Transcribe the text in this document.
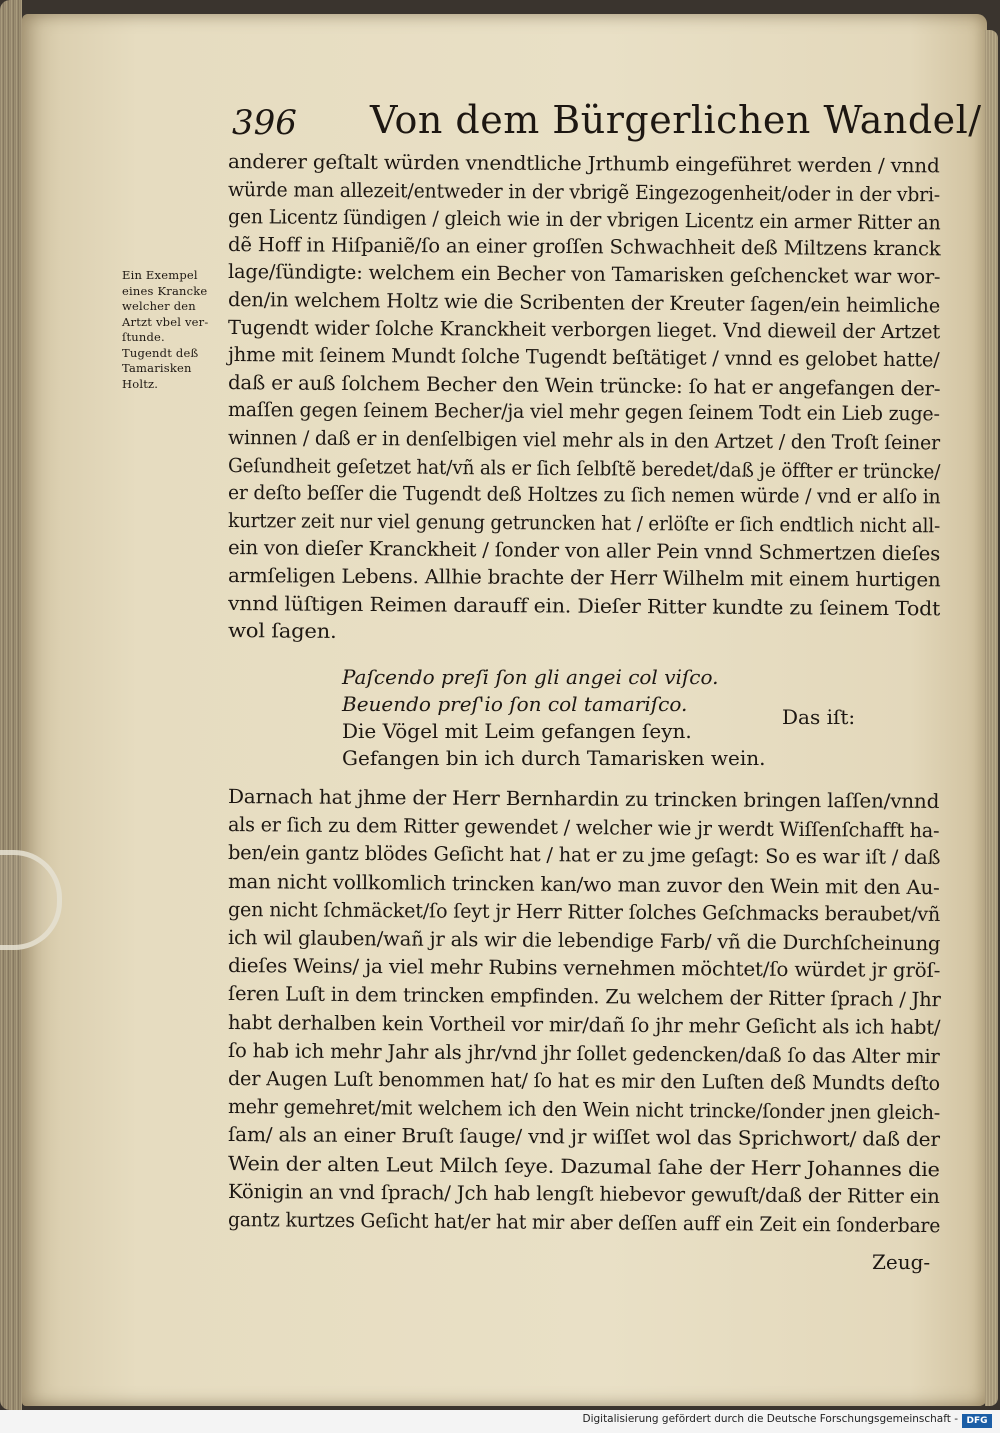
396 Von dem Bürgerlichen Wandel/
Ein Exempel
eines Krancke
welcher den
Artzt vbel ver-
ſtunde.
Tugendt deß
Tamarisken
Holtz.
anderer geſtalt würden vnendtliche Jrthumb eingeführet werden / vnnd
würde man allezeit/entweder in der vbrigẽ Eingezogenheit/oder in der vbri-
gen Licentz ſündigen / gleich wie in der vbrigen Licentz ein armer Ritter an
dẽ Hoff in Hiſpaniẽ/ſo an einer groſſen Schwachheit deß Miltzens kranck
lage/ſündigte: welchem ein Becher von Tamarisken geſchencket war wor-
den/in welchem Holtz wie die Scribenten der Kreuter ſagen/ein heimliche
Tugendt wider ſolche Kranckheit verborgen lieget. Vnd dieweil der Artzet
jhme mit ſeinem Mundt ſolche Tugendt beſtätiget / vnnd es gelobet hatte/
daß er auß ſolchem Becher den Wein trüncke: ſo hat er angefangen der-
maſſen gegen ſeinem Becher/ja viel mehr gegen ſeinem Todt ein Lieb zuge-
winnen / daß er in denſelbigen viel mehr als in den Artzet / den Troſt ſeiner
Geſundheit geſetzet hat/vñ als er ſich ſelbſtẽ beredet/daß je öffter er trüncke/
er deſto beſſer die Tugendt deß Holtzes zu ſich nemen würde / vnd er alſo in
kurtzer zeit nur viel genung getruncken hat / erlöſte er ſich endtlich nicht all-
ein von dieſer Kranckheit / ſonder von aller Pein vnnd Schmertzen dieſes
armſeligen Lebens. Allhie brachte der Herr Wilhelm mit einem hurtigen
vnnd lüſtigen Reimen darauff ein. Dieſer Ritter kundte zu ſeinem Todt
wol ſagen.
Darnach hat jhme der Herr Bernhardin zu trincken bringen laſſen/vnnd
als er ſich zu dem Ritter gewendet / welcher wie jr werdt Wiſſenſchafft ha-
ben/ein gantz blödes Geſicht hat / hat er zu jme geſagt: So es war iſt / daß
man nicht vollkomlich trincken kan/wo man zuvor den Wein mit den Au-
gen nicht ſchmäcket/ſo ſeyt jr Herr Ritter ſolches Geſchmacks beraubet/vñ
ich wil glauben/wañ jr als wir die lebendige Farb/ vñ die Durchſcheinung
dieſes Weins/ ja viel mehr Rubins vernehmen möchtet/ſo würdet jr gröſ-
ſeren Luſt in dem trincken empfinden. Zu welchem der Ritter ſprach / Jhr
habt derhalben kein Vortheil vor mir/dañ ſo jhr mehr Geſicht als ich habt/
ſo hab ich mehr Jahr als jhr/vnd jhr ſollet gedencken/daß ſo das Alter mir
der Augen Luſt benommen hat/ ſo hat es mir den Luſten deß Mundts deſto
mehr gemehret/mit welchem ich den Wein nicht trincke/ſonder jnen gleich-
ſam/ als an einer Bruſt ſauge/ vnd jr wiſſet wol das Sprichwort/ daß der
Wein der alten Leut Milch ſeye. Dazumal ſahe der Herr Johannes die
Königin an vnd ſprach/ Jch hab lengſt hiebevor gewuſt/daß der Ritter ein
gantz kurtzes Geſicht hat/er hat mir aber deſſen auff ein Zeit ein ſonderbare
Paſcendo preſi ſon gli angei col viſco.
Beuendo preſ'io ſon col tamariſco.
Die Vögel mit Leim gefangen ſeyn.
Gefangen bin ich durch Tamarisken wein.
Das iſt:
Zeug-
Digitalisierung gefördert durch die Deutsche Forschungsgemeinschaft - DFG
